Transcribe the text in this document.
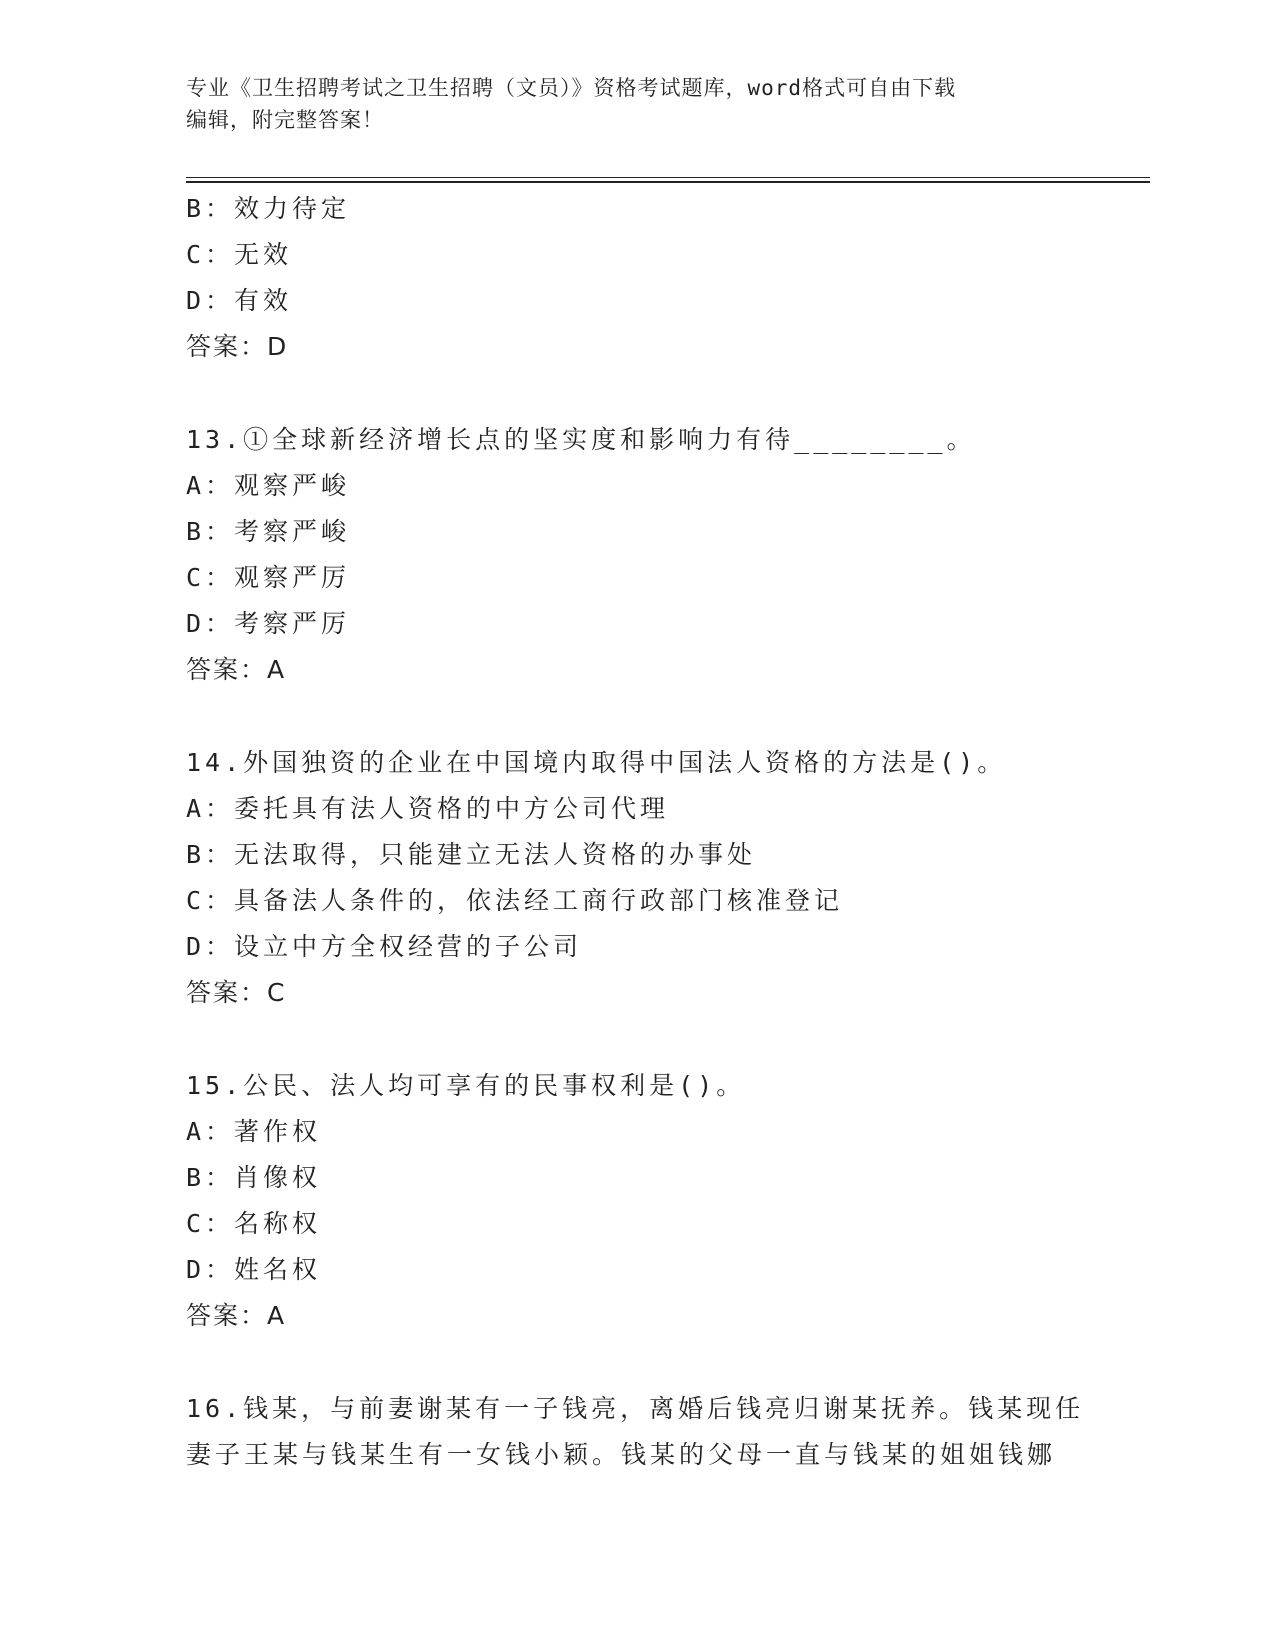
专业《卫生招聘考试之卫生招聘（文员）》资格考试题库，word格式可自由下载
编辑，附完整答案！
B：效力待定
C：无效
D：有效
答案：D
13.①全球新经济增长点的坚实度和影响力有待________。
A：观察严峻
B：考察严峻
C：观察严厉
D：考察严厉
答案：A
14.外国独资的企业在中国境内取得中国法人资格的方法是()。
A：委托具有法人资格的中方公司代理
B：无法取得，只能建立无法人资格的办事处
C：具备法人条件的，依法经工商行政部门核准登记
D：设立中方全权经营的子公司
答案：C
15.公民、法人均可享有的民事权利是()。
A：著作权
B：肖像权
C：名称权
D：姓名权
答案：A
16.钱某，与前妻谢某有一子钱亮，离婚后钱亮归谢某抚养。钱某现任
妻子王某与钱某生有一女钱小颖。钱某的父母一直与钱某的姐姐钱娜
